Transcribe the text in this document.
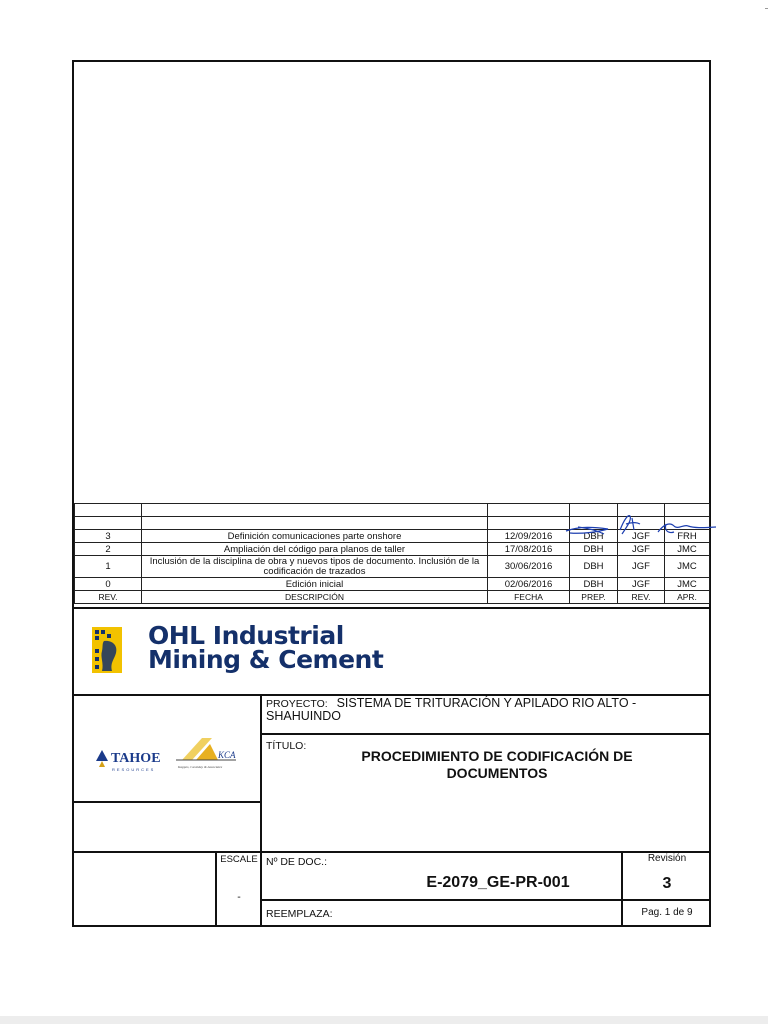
3	Definición comunicaciones parte onshore	12/09/2016	DBH	JGF	FRH
2	Ampliación del código para planos de taller	17/08/2016	DBH	JGF	JMC
1	Inclusión de la disciplina de obra y nuevos tipos de documento. Inclusión de la codificación de trazados	30/06/2016	DBH	JGF	JMC
0	Edición inicial	02/06/2016	DBH	JGF	JMC
REV.	DESCRIPCIÓN	FECHA	PREP.	REV.	APR.
OHL Industrial
Mining & Cement
TAHOE
RESOURCES
KCA
Kappes, Cassiday & Associates
PROYECTO: SISTEMA DE TRITURACIÓN Y APILADO RIO ALTO -
SHAHUINDO
TÍTULO:
PROCEDIMIENTO DE CODIFICACIÓN DE
DOCUMENTOS
ESCALE
-
Nº DE DOC.:
E-2079_GE-PR-001
Revisión
3
REEMPLAZA:	Pag. 1 de 9
